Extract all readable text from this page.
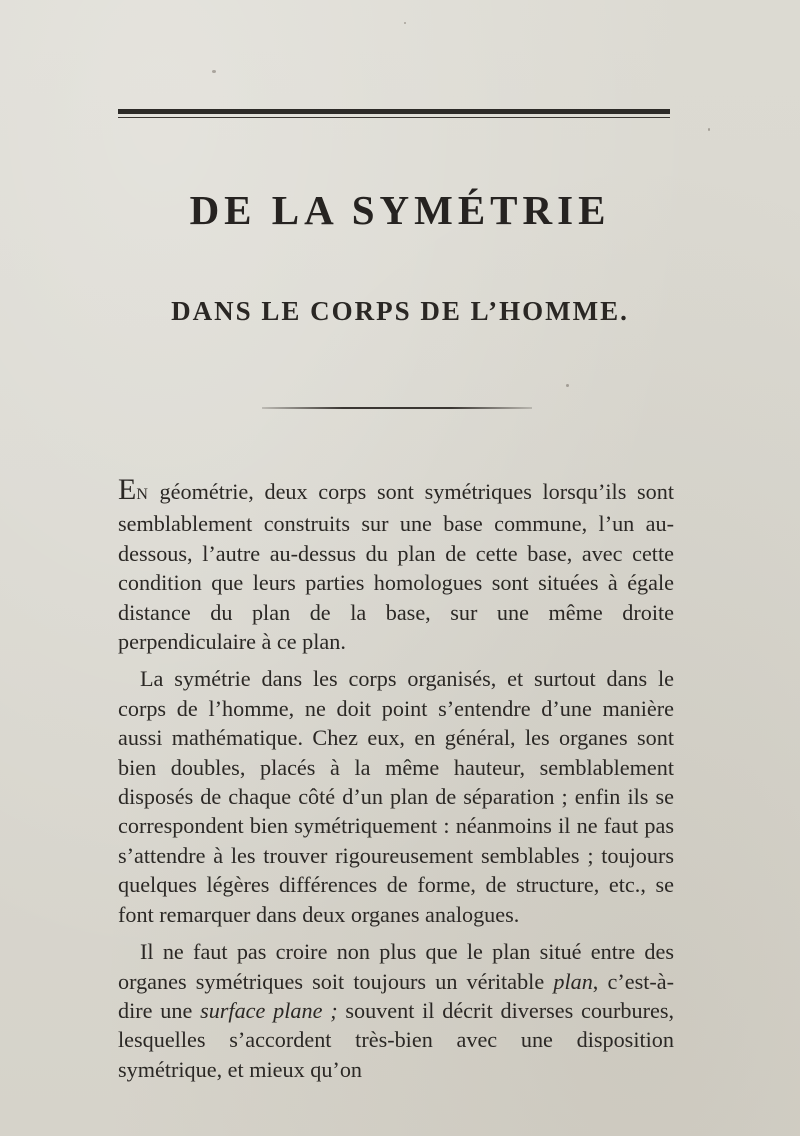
DE LA SYMÉTRIE
DANS LE CORPS DE L’HOMME.

EN géométrie, deux corps sont symétriques lorsqu’ils sont semblablement construits sur une base commune, l’un au-dessous, l’autre au-dessus du plan de cette base, avec cette condition que leurs parties homologues sont situées à égale distance du plan de la base, sur une même droite perpendiculaire à ce plan.

La symétrie dans les corps organisés, et surtout dans le corps de l’homme, ne doit point s’entendre d’une manière aussi mathématique. Chez eux, en général, les organes sont bien doubles, placés à la même hauteur, semblablement disposés de chaque côté d’un plan de séparation ; enfin ils se correspondent bien symétriquement : néanmoins il ne faut pas s’attendre à les trouver rigoureusement semblables ; toujours quelques légères différences de forme, de structure, etc., se font remarquer dans deux organes analogues.

Il ne faut pas croire non plus que le plan situé entre des organes symétriques soit toujours un véritable plan, c’est-à-dire une surface plane ; souvent il décrit diverses courbures, lesquelles s’accordent très-bien avec une disposition symétrique, et mieux qu’on
